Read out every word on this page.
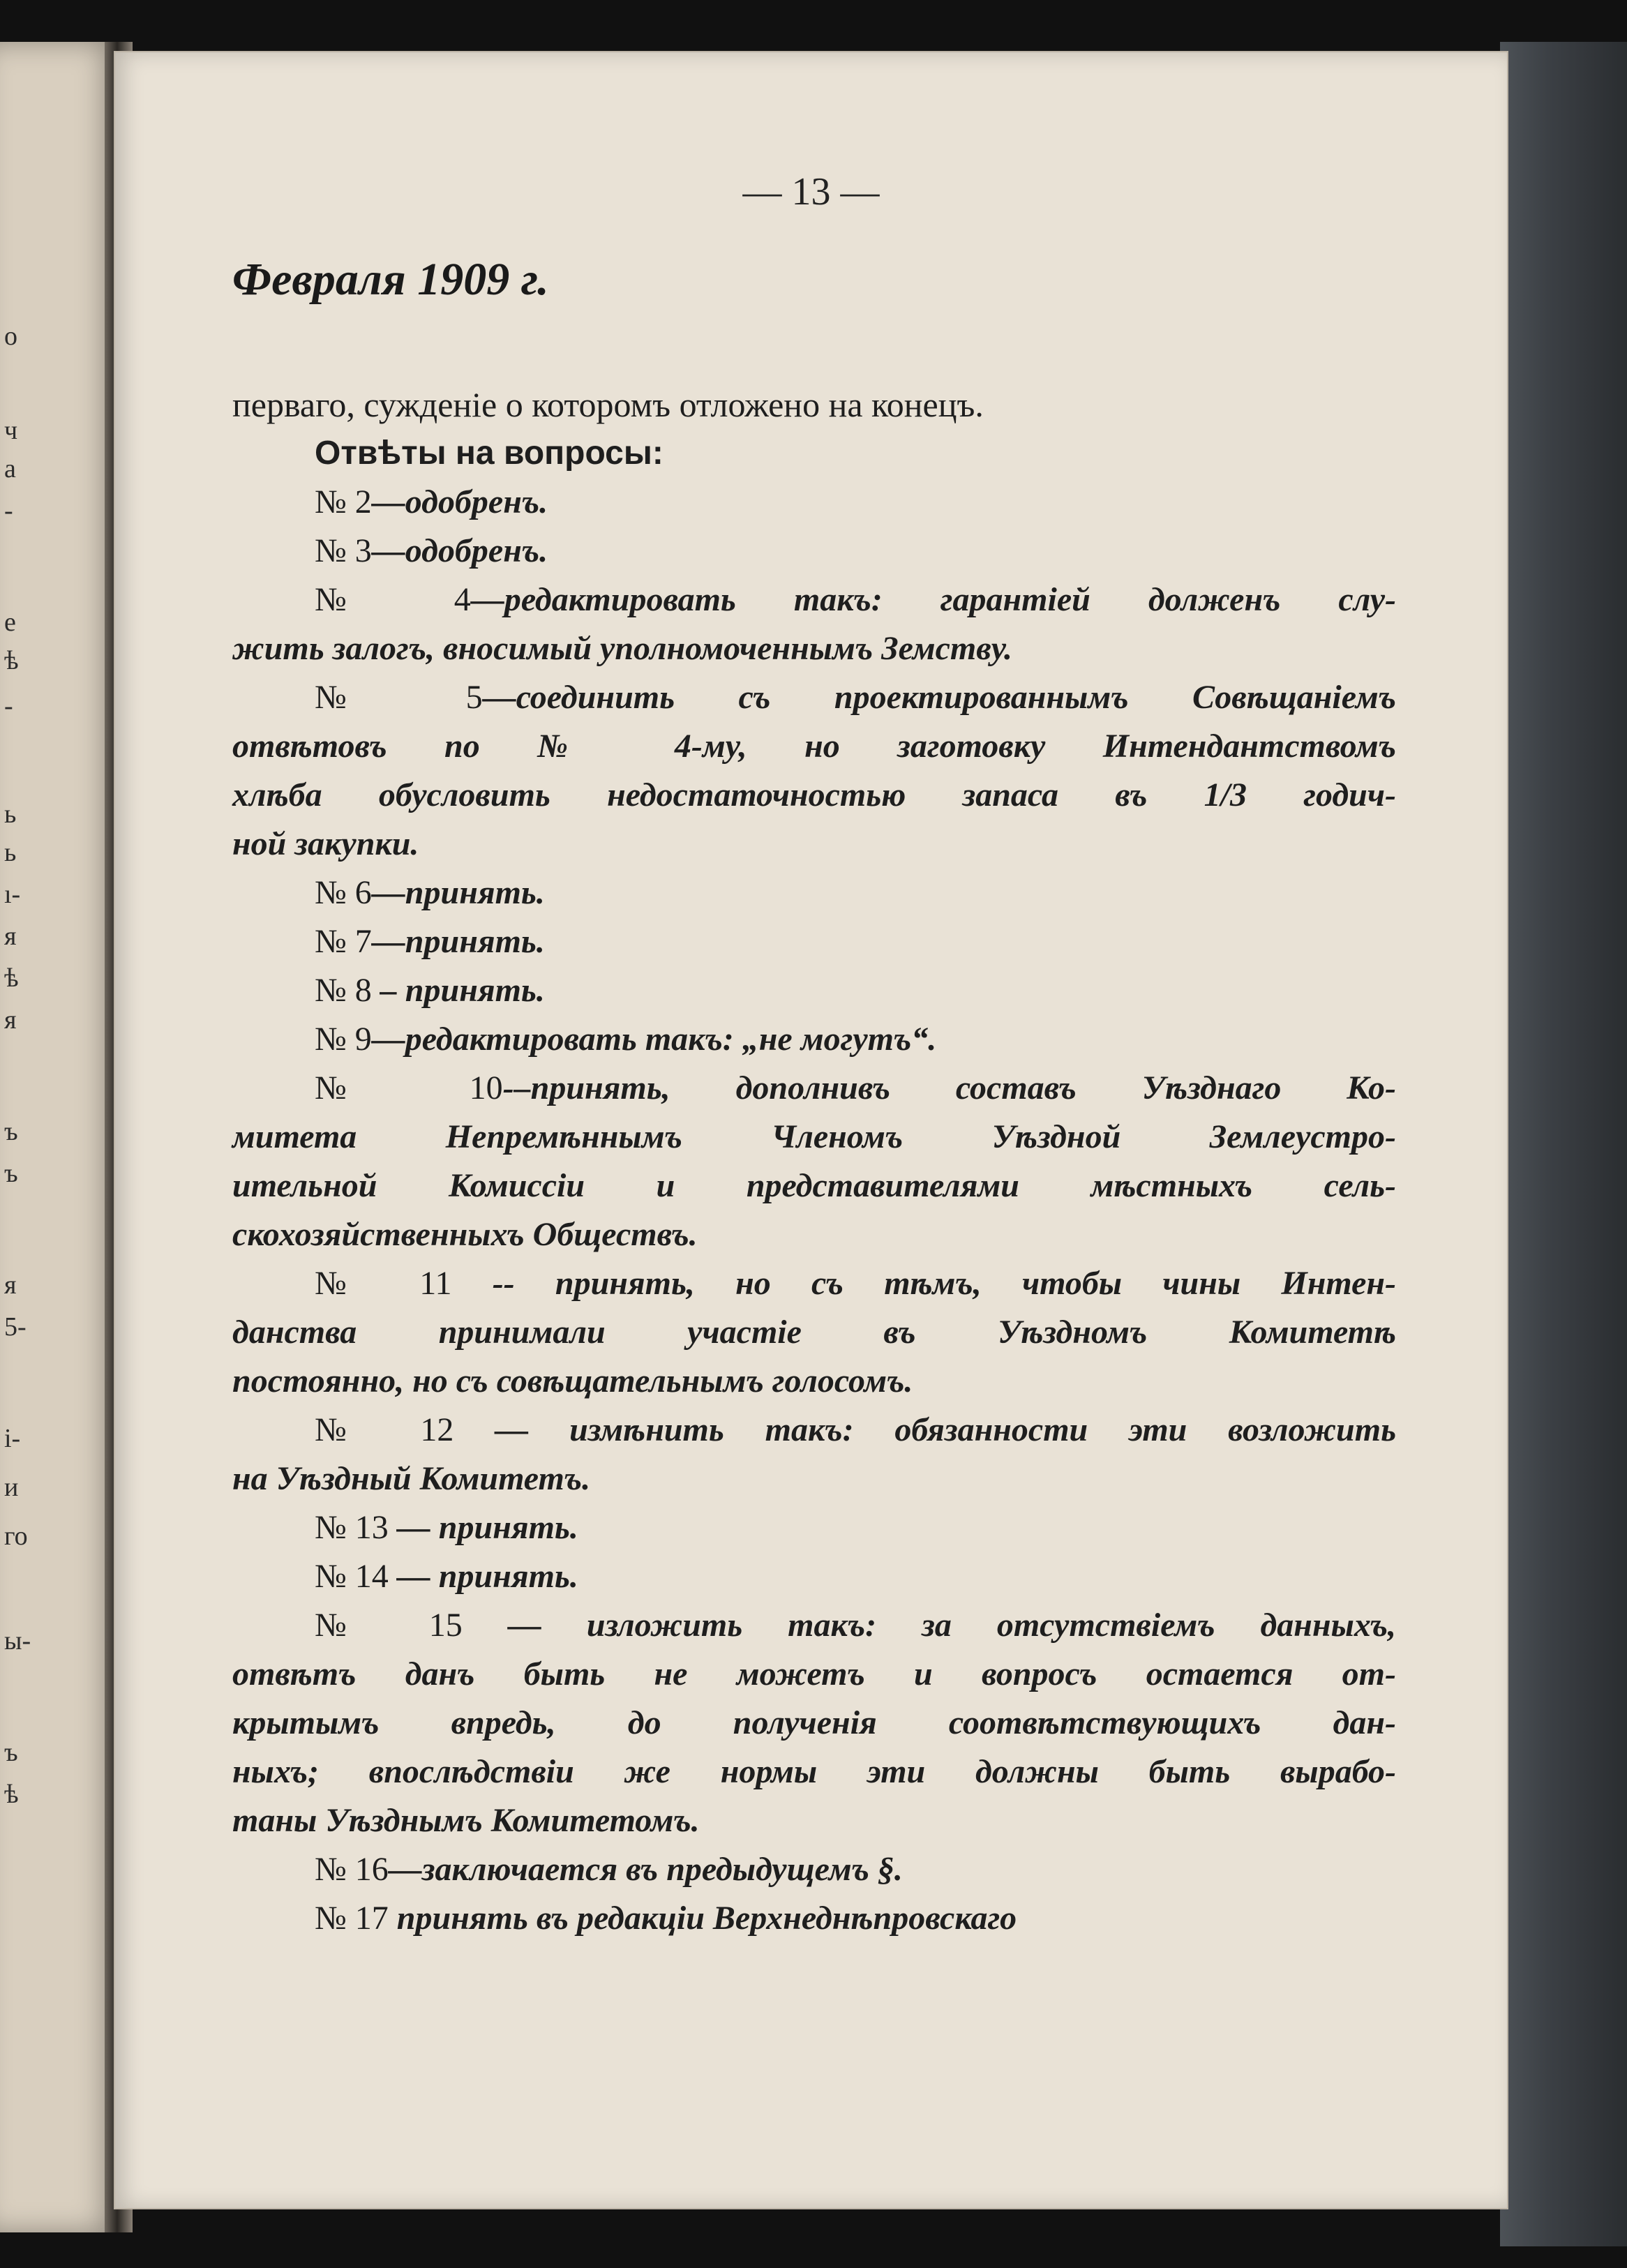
о
ч
а
-
е
ѣ
-
ь
ь
ı-
я
ѣ
я
ъ
ъ
я
5-
i-
и
го
ы-
ъ
ѣ
— 13 —
Февраля 1909 г.
перваго, сужденіе о которомъ отложено на конецъ.
Отвѣты на вопросы:
№ 2—одобренъ.
№ 3—одобренъ.
№ 4—редактировать такъ: гарантiей долженъ слу-
жить залогъ, вносимый уполномоченнымъ Земству.
№ 5—соединить съ проектированнымъ Совѣщанiемъ
отвѣтовъ по № 4-му, но заготовку Интендантствомъ
хлѣба обусловить недостаточностью запаса въ 1/3 годич-
ной закупки.
№ 6—принять.
№ 7—принять.
№ 8 – принять.
№ 9—редактировать такъ: „не могутъ“.
№ 10-–принять, дополнивъ составъ Уѣзднаго Ко-
митета Непремѣннымъ Членомъ Уѣздной Землеустро-
ительной Комиссiи и представителями мѣстныхъ сель-
скохозяйственныхъ Обществъ.
№ 11 -- принять, но съ тѣмъ, чтобы чины Интен-
данства принимали участiе въ Уѣздномъ Комитетѣ
постоянно, но съ совѣщательнымъ голосомъ.
№ 12 — измѣнить такъ: обязанности эти возложить
на Уѣздный Комитетъ.
№ 13 — принять.
№ 14 — принять.
№ 15 — изложить такъ: за отсутствiемъ данныхъ,
отвѣтъ данъ быть не можетъ и вопросъ остается от-
крытымъ впредь, до полученiя соотвѣтствующихъ дан-
ныхъ; впослѣдствiи же нормы эти должны быть вырабо-
таны Уѣзднымъ Комитетомъ.
№ 16—заключается въ предыдущемъ §.
№ 17 принять въ редакцiи Верхнеднѣпровскаго
